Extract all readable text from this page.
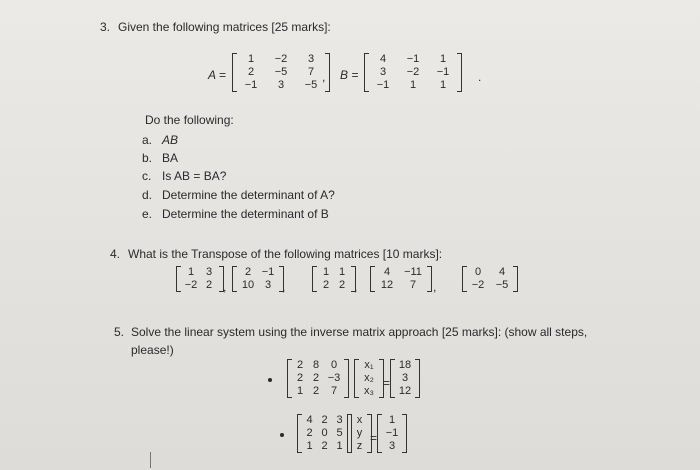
3. Given the following matrices [25 marks]:
A =
1	−2	3
2	−5	7
−1	3	−5
, B =
4	−1	1
3	−2	−1
−1	1	1
.
Do the following:
a. AB
b. BA
c. Is AB = BA?
d. Determine the determinant of A?
e. Determine the determinant of B
4. What is the Transpose of the following matrices [10 marks]:
1	3
−2 2 ,
2 −1
10 3 ,
1 1
2 2 ,
4	−11
12	7	,
0	4
−2 −5
5. Solve the linear system using the inverse matrix approach [25 marks]: (show all steps,
please!)
2 8	0
2 2 −3
1 2	7
x₁
x₂
x₃
=
18
3
12
4 2 3
2 0 5
1 2 1
x
y
z
=
1
−1
3
